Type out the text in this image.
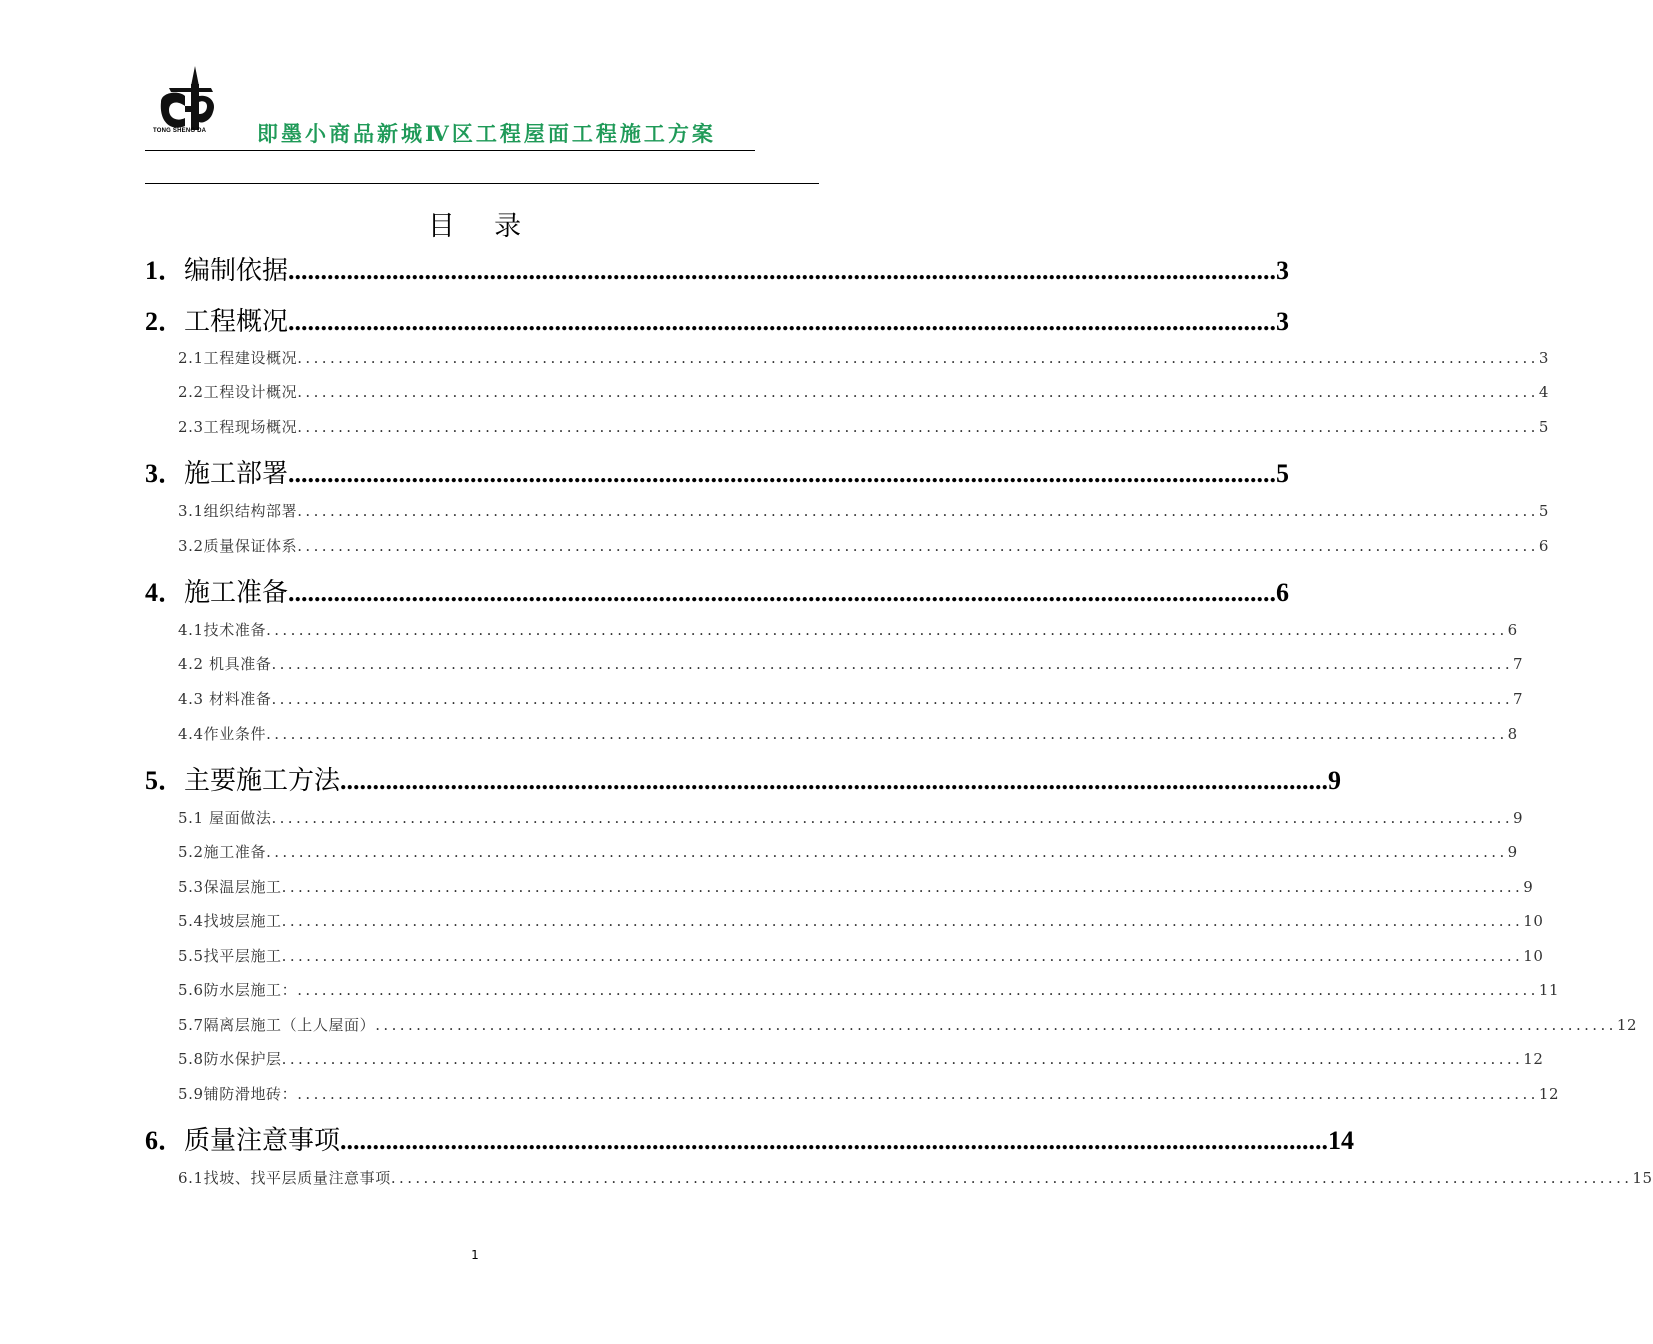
TONG SHENG DA	即墨小商品新城Ⅳ区工程屋面工程施工方案
目    录
1． 编制依据 ........................................................................................................................................................ 3
2． 工程概况 ........................................................................................................................................................ 3
2.1工程建设概况 ........................................................................................................................................................ 3
2.2工程设计概况 ........................................................................................................................................................ 4
2.3工程现场概况 ........................................................................................................................................................ 5
3． 施工部署 ........................................................................................................................................................ 5
3.1组织结构部署 ........................................................................................................................................................ 5
3.2质量保证体系 ........................................................................................................................................................ 6
4． 施工准备 ........................................................................................................................................................ 6
4.1技术准备 ........................................................................................................................................................ 6
4.2 机具准备 ........................................................................................................................................................ 7
4.3 材料准备 ........................................................................................................................................................ 7
4.4作业条件 ........................................................................................................................................................ 8
5． 主要施工方法 ........................................................................................................................................................ 9
5.1 屋面做法 ........................................................................................................................................................ 9
5.2施工准备 ........................................................................................................................................................ 9
5.3保温层施工 ........................................................................................................................................................ 9
5.4找坡层施工 ........................................................................................................................................................ 10
5.5找平层施工 ........................................................................................................................................................ 10
5.6防水层施工： ........................................................................................................................................................ 11
5.7隔离层施工（上人屋面） ........................................................................................................................................................ 12
5.8防水保护层 ........................................................................................................................................................ 12
5.9铺防滑地砖： ........................................................................................................................................................ 12
6． 质量注意事项 ........................................................................................................................................................ 14
6.1找坡、找平层质量注意事项 ........................................................................................................................................................ 15
1
